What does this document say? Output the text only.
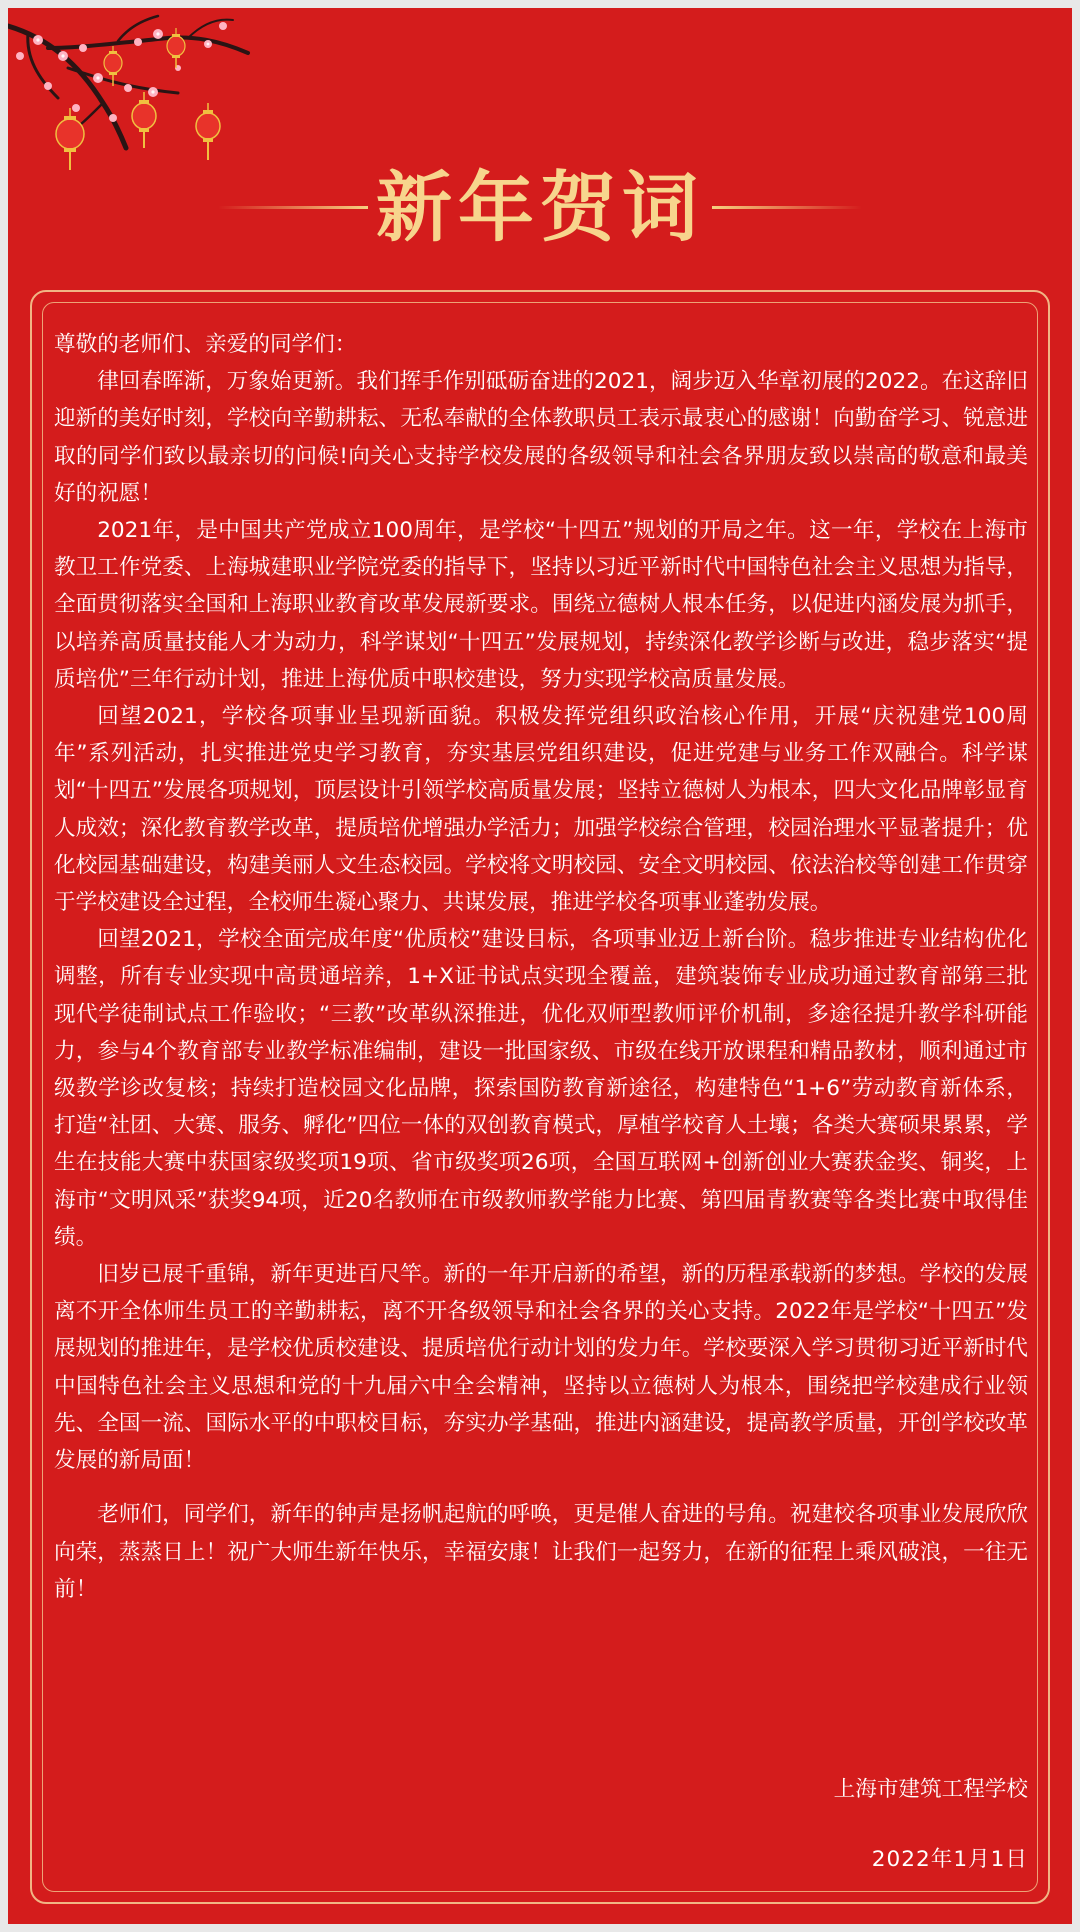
新年贺词

尊敬的老师们、亲爱的同学们：

律回春晖渐，万象始更新。我们挥手作别砥砺奋进的2021，阔步迈入华章初展的2022。在这辞旧迎新的美好时刻，学校向辛勤耕耘、无私奉献的全体教职员工表示最衷心的感谢！向勤奋学习、锐意进取的同学们致以最亲切的问候!向关心支持学校发展的各级领导和社会各界朋友致以崇高的敬意和最美好的祝愿！

2021年，是中国共产党成立100周年，是学校“十四五”规划的开局之年。这一年，学校在上海市教卫工作党委、上海城建职业学院党委的指导下，坚持以习近平新时代中国特色社会主义思想为指导，全面贯彻落实全国和上海职业教育改革发展新要求。围绕立德树人根本任务，以促进内涵发展为抓手，以培养高质量技能人才为动力，科学谋划“十四五”发展规划，持续深化教学诊断与改进，稳步落实“提质培优”三年行动计划，推进上海优质中职校建设，努力实现学校高质量发展。

回望2021，学校各项事业呈现新面貌。积极发挥党组织政治核心作用，开展“庆祝建党100周年”系列活动，扎实推进党史学习教育，夯实基层党组织建设，促进党建与业务工作双融合。科学谋划“十四五”发展各项规划，顶层设计引领学校高质量发展；坚持立德树人为根本，四大文化品牌彰显育人成效；深化教育教学改革，提质培优增强办学活力；加强学校综合管理，校园治理水平显著提升；优化校园基础建设，构建美丽人文生态校园。学校将文明校园、安全文明校园、依法治校等创建工作贯穿于学校建设全过程，全校师生凝心聚力、共谋发展，推进学校各项事业蓬勃发展。

回望2021，学校全面完成年度“优质校”建设目标，各项事业迈上新台阶。稳步推进专业结构优化调整，所有专业实现中高贯通培养，1+X证书试点实现全覆盖，建筑装饰专业成功通过教育部第三批现代学徒制试点工作验收；“三教”改革纵深推进，优化双师型教师评价机制，多途径提升教学科研能力，参与4个教育部专业教学标准编制，建设一批国家级、市级在线开放课程和精品教材，顺利通过市级教学诊改复核；持续打造校园文化品牌，探索国防教育新途径，构建特色“1+6”劳动教育新体系，打造“社团、大赛、服务、孵化”四位一体的双创教育模式，厚植学校育人土壤；各类大赛硕果累累，学生在技能大赛中获国家级奖项19项、省市级奖项26项，全国互联网+创新创业大赛获金奖、铜奖，上海市“文明风采”获奖94项，近20名教师在市级教师教学能力比赛、第四届青教赛等各类比赛中取得佳绩。

旧岁已展千重锦，新年更进百尺竿。新的一年开启新的希望，新的历程承载新的梦想。学校的发展离不开全体师生员工的辛勤耕耘，离不开各级领导和社会各界的关心支持。2022年是学校“十四五”发展规划的推进年，是学校优质校建设、提质培优行动计划的发力年。学校要深入学习贯彻习近平新时代中国特色社会主义思想和党的十九届六中全会精神，坚持以立德树人为根本，围绕把学校建成行业领先、全国一流、国际水平的中职校目标，夯实办学基础，推进内涵建设，提高教学质量，开创学校改革发展的新局面！

老师们，同学们，新年的钟声是扬帆起航的呼唤，更是催人奋进的号角。祝建校各项事业发展欣欣向荣，蒸蒸日上！祝广大师生新年快乐，幸福安康！让我们一起努力，在新的征程上乘风破浪，一往无前！

上海市建筑工程学校
2022年1月1日
